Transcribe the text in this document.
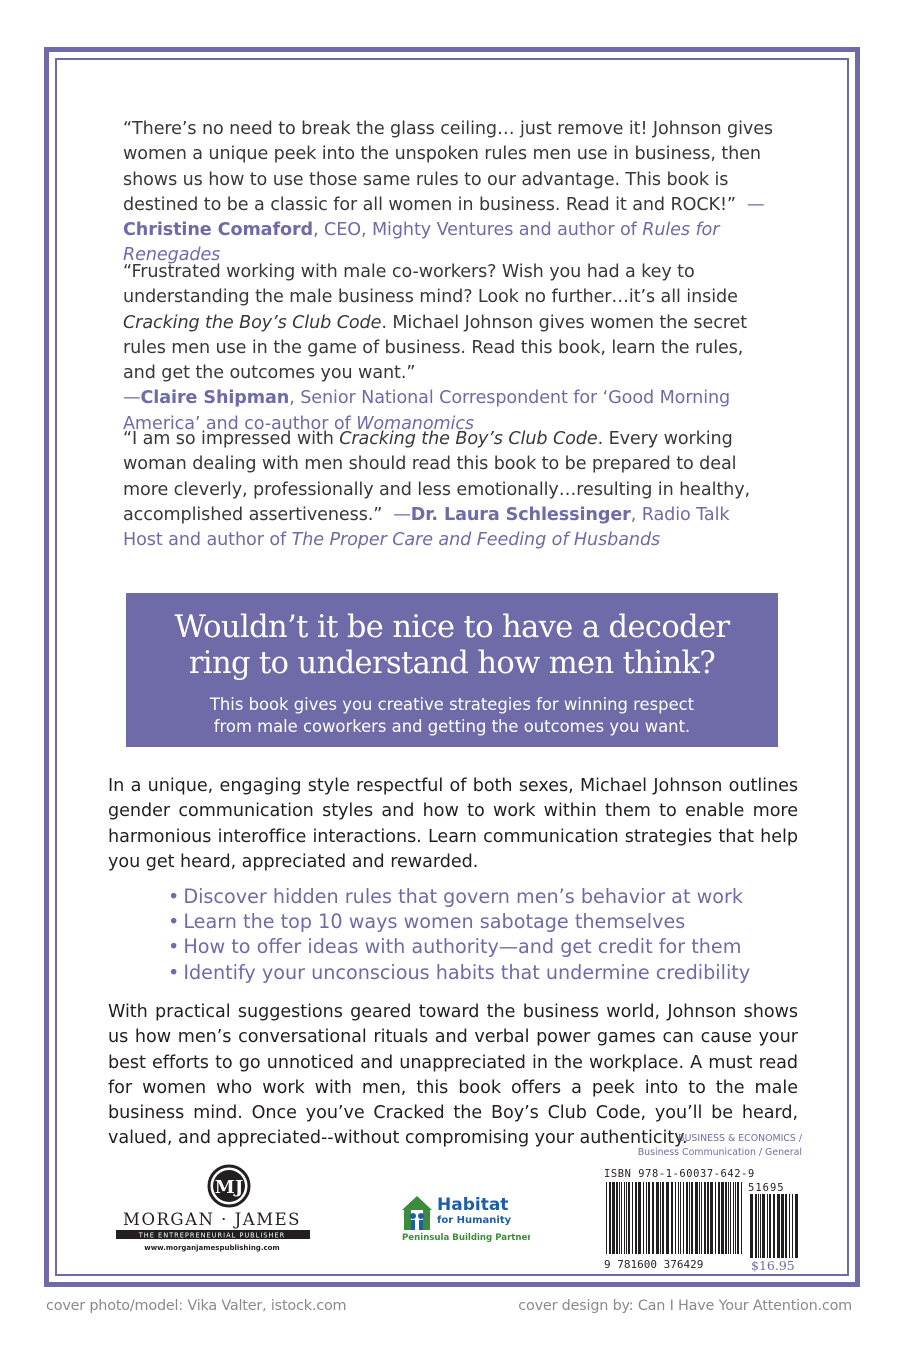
“There’s no need to break the glass ceiling… just remove it! Johnson gives women a unique peek into the unspoken rules men use in business, then shows us how to use those same rules to our advantage. This book is destined to be a classic for all women in business. Read it and ROCK!” —Christine Comaford, CEO, Mighty Ventures and author of Rules for Renegades
“Frustrated working with male co-workers? Wish you had a key to understanding the male business mind? Look no further…it’s all inside Cracking the Boy’s Club Code. Michael Johnson gives women the secret rules men use in the game of business. Read this book, learn the rules, and get the outcomes you want.”
—Claire Shipman, Senior National Correspondent for ‘Good Morning America’ and co-author of Womanomics
“I am so impressed with Cracking the Boy’s Club Code. Every working woman dealing with men should read this book to be prepared to deal more cleverly, professionally and less emotionally…resulting in healthy, accomplished assertiveness.” —Dr. Laura Schlessinger, Radio Talk Host and author of The Proper Care and Feeding of Husbands
Wouldn’t it be nice to have a decoder
ring to understand how men think?
This book gives you creative strategies for winning respect
from male coworkers and getting the outcomes you want.
In a unique, engaging style respectful of both sexes, Michael Johnson outlines gender communication styles and how to work within them to enable more harmonious interoffice interactions. Learn communication strategies that help you get heard, appreciated and rewarded.
• Discover hidden rules that govern men’s behavior at work
• Learn the top 10 ways women sabotage themselves
• How to offer ideas with authority—and get credit for them
• Identify your unconscious habits that undermine credibility
With practical suggestions geared toward the business world, Johnson shows us how men’s conversational rituals and verbal power games can cause your best efforts to go unnoticed and unappreciated in the workplace. A must read for women who work with men, this book offers a peek into to the male business mind. Once you’ve Cracked the Boy’s Club Code, you’ll be heard, valued, and appreciated--without compromising your authenticity.
MJ
MORGAN · JAMES
THE ENTREPRENEURIAL PUBLISHER
www.morganjamespublishing.com
Habitat
for Humanity
Peninsula Building Partner
BUSINESS & ECONOMICS /
Business Communication / General
ISBN 978-1-60037-642-9
51695
9 781600 376429	$16.95
cover photo/model: Vika Valter, istock.com	cover design by: Can I Have Your Attention.com
